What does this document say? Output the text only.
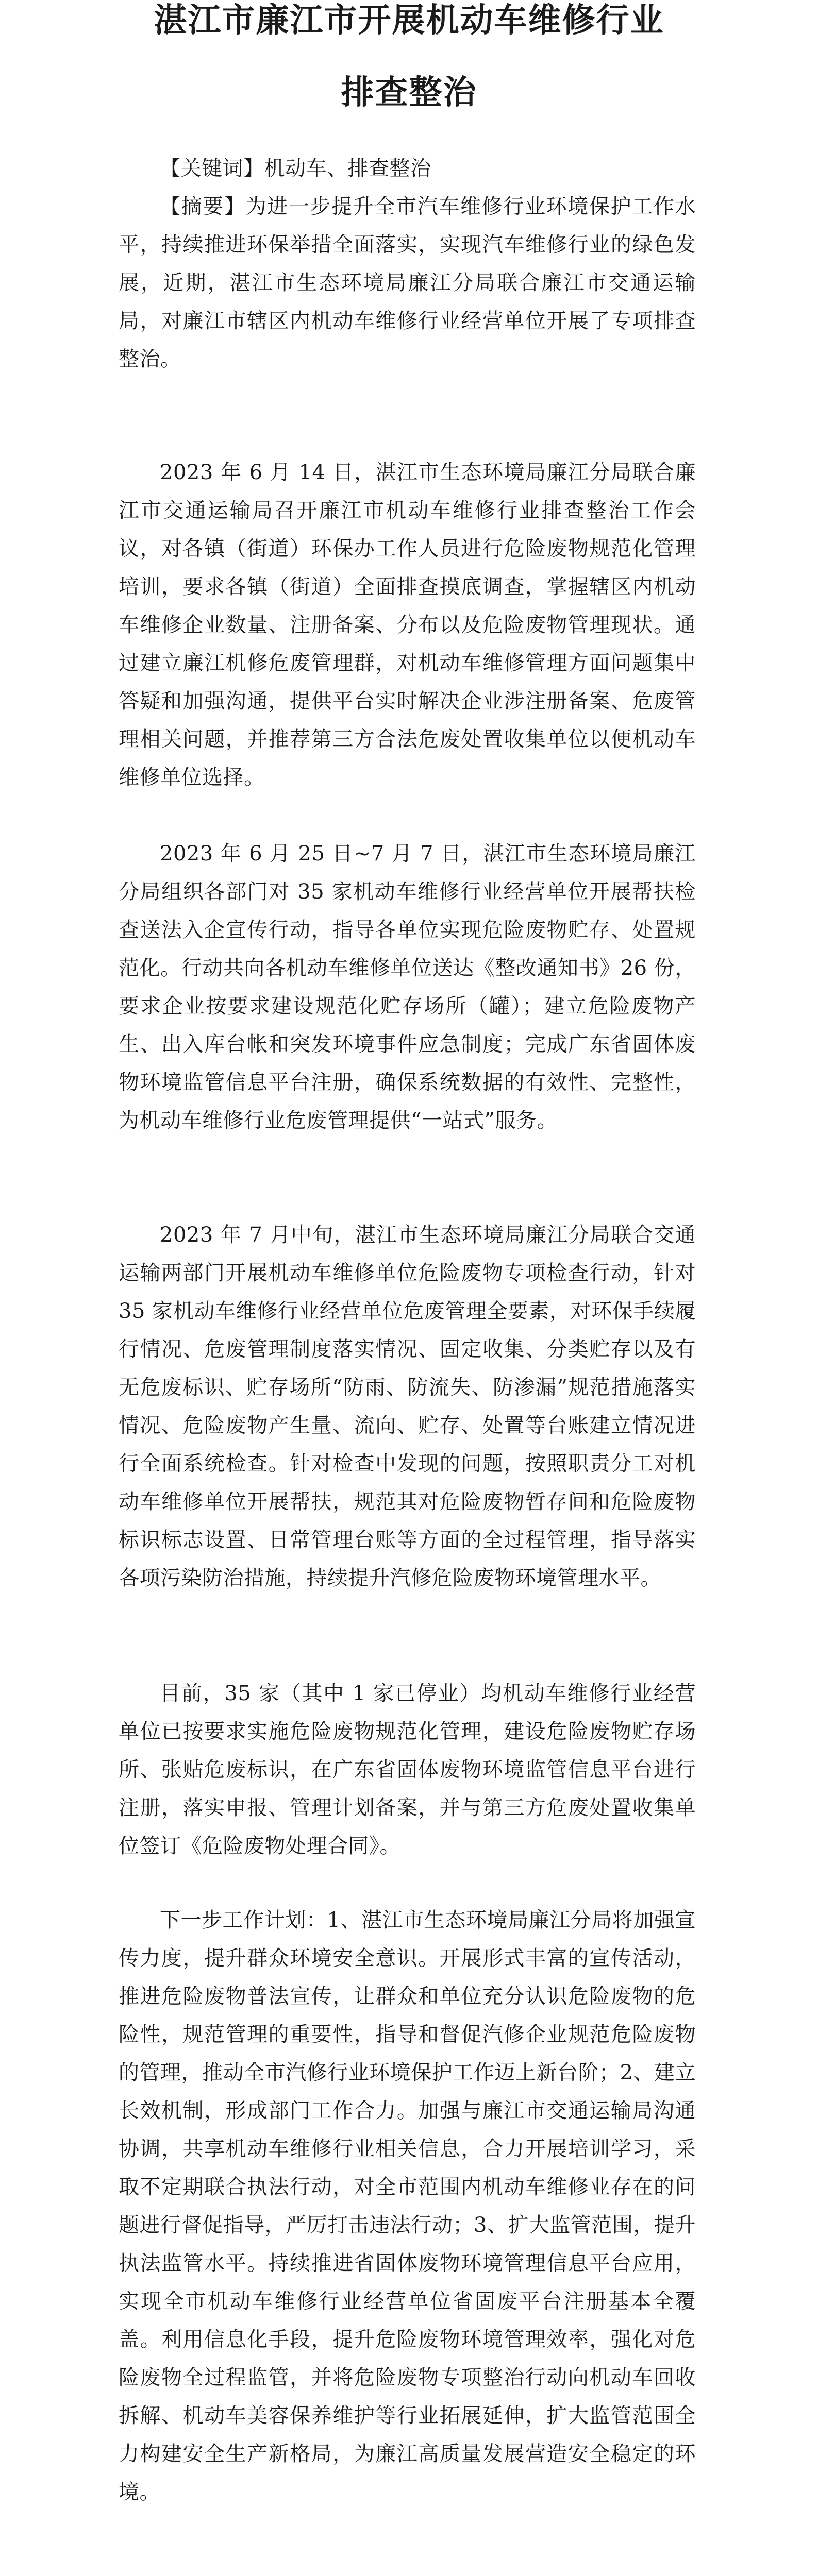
湛江市廉江市开展机动车维修行业
排查整治

【关键词】机动车、排查整治

【摘要】为进一步提升全市汽车维修行业环境保护工作水平，持续推进环保举措全面落实，实现汽车维修行业的绿色发展，近期，湛江市生态环境局廉江分局联合廉江市交通运输局，对廉江市辖区内机动车维修行业经营单位开展了专项排查整治。

2023 年 6 月 14 日，湛江市生态环境局廉江分局联合廉江市交通运输局召开廉江市机动车维修行业排查整治工作会议，对各镇（街道）环保办工作人员进行危险废物规范化管理培训，要求各镇（街道）全面排查摸底调查，掌握辖区内机动车维修企业数量、注册备案、分布以及危险废物管理现状。通过建立廉江机修危废管理群，对机动车维修管理方面问题集中答疑和加强沟通，提供平台实时解决企业涉注册备案、危废管理相关问题，并推荐第三方合法危废处置收集单位以便机动车维修单位选择。

2023 年 6 月 25 日~7 月 7 日，湛江市生态环境局廉江分局组织各部门对 35 家机动车维修行业经营单位开展帮扶检查送法入企宣传行动，指导各单位实现危险废物贮存、处置规范化。行动共向各机动车维修单位送达《整改通知书》26 份，要求企业按要求建设规范化贮存场所（罐）；建立危险废物产生、出入库台帐和突发环境事件应急制度；完成广东省固体废物环境监管信息平台注册，确保系统数据的有效性、完整性，为机动车维修行业危废管理提供“一站式”服务。

2023 年 7 月中旬，湛江市生态环境局廉江分局联合交通运输两部门开展机动车维修单位危险废物专项检查行动，针对 35 家机动车维修行业经营单位危废管理全要素，对环保手续履行情况、危废管理制度落实情况、固定收集、分类贮存以及有无危废标识、贮存场所“防雨、防流失、防渗漏”规范措施落实情况、危险废物产生量、流向、贮存、处置等台账建立情况进行全面系统检查。针对检查中发现的问题，按照职责分工对机动车维修单位开展帮扶，规范其对危险废物暂存间和危险废物标识标志设置、日常管理台账等方面的全过程管理，指导落实各项污染防治措施，持续提升汽修危险废物环境管理水平。

目前，35 家（其中 1 家已停业）均机动车维修行业经营单位已按要求实施危险废物规范化管理，建设危险废物贮存场所、张贴危废标识，在广东省固体废物环境监管信息平台进行注册，落实申报、管理计划备案，并与第三方危废处置收集单位签订《危险废物处理合同》。

下一步工作计划：1、湛江市生态环境局廉江分局将加强宣传力度，提升群众环境安全意识。开展形式丰富的宣传活动，推进危险废物普法宣传，让群众和单位充分认识危险废物的危险性，规范管理的重要性，指导和督促汽修企业规范危险废物的管理，推动全市汽修行业环境保护工作迈上新台阶；2、建立长效机制，形成部门工作合力。加强与廉江市交通运输局沟通协调，共享机动车维修行业相关信息，合力开展培训学习，采取不定期联合执法行动，对全市范围内机动车维修业存在的问题进行督促指导，严厉打击违法行动；3、扩大监管范围，提升执法监管水平。持续推进省固体废物环境管理信息平台应用，实现全市机动车维修行业经营单位省固废平台注册基本全覆盖。利用信息化手段，提升危险废物环境管理效率，强化对危险废物全过程监管，并将危险废物专项整治行动向机动车回收拆解、机动车美容保养维护等行业拓展延伸，扩大监管范围全力构建安全生产新格局，为廉江高质量发展营造安全稳定的环境。
